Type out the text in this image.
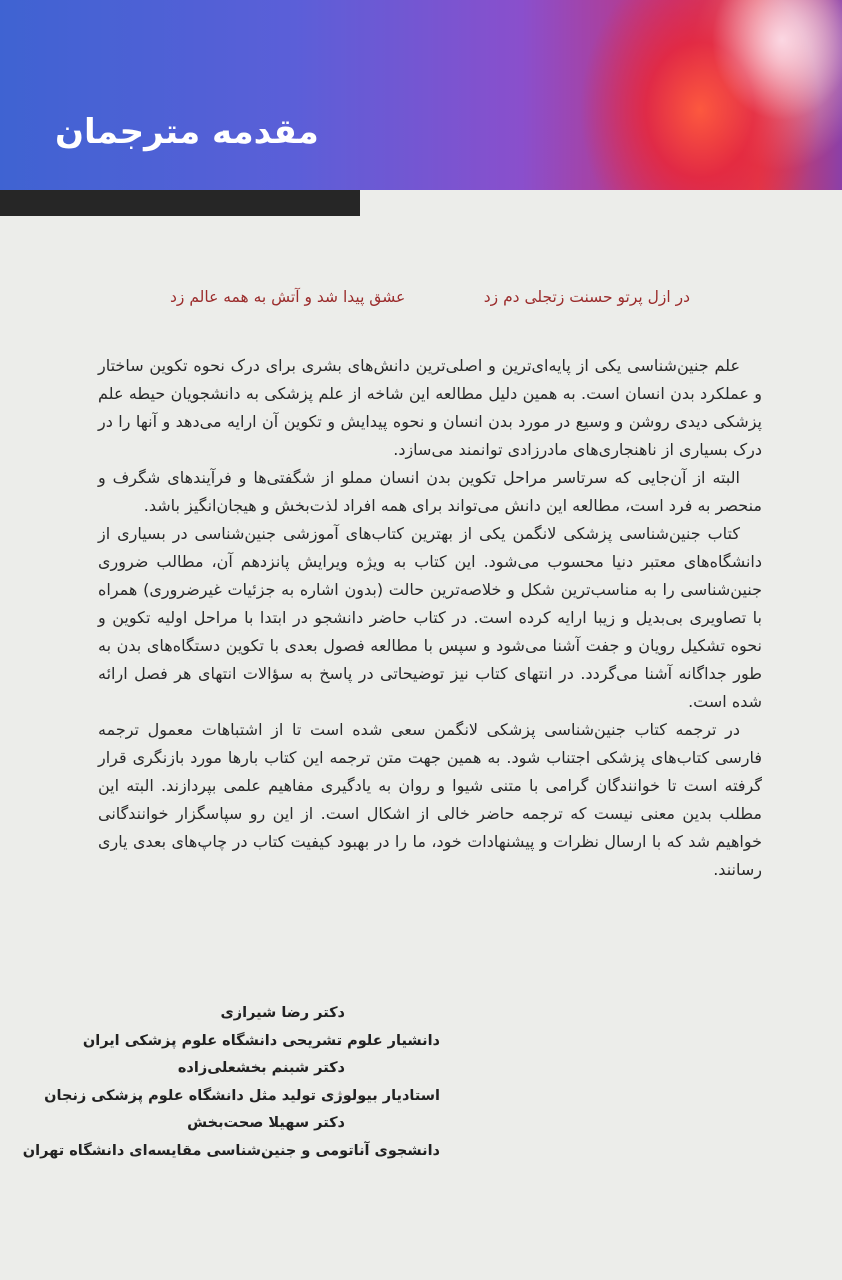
مقدمه مترجمان
در ازل پرتو حسنت زتجلی دم زد
عشق پیدا شد و آتش به همه عالم زد

علم جنین‌شناسی یکی از پایه‌ای‌ترین و اصلی‌ترین دانش‌های بشری برای درک نحوه تکوین ساختار و عملکرد بدن انسان است. به همین دلیل مطالعه این شاخه از علم پزشکی به دانشجویان حیطه علم پزشکی دیدی روشن و وسیع در مورد بدن انسان و نحوه پیدایش و تکوین آن ارایه می‌دهد و آنها را در درک بسیاری از ناهنجاری‌های مادرزادی توانمند می‌سازد.

البته از آن‌جایی که سرتاسر مراحل تکوین بدن انسان مملو از شگفتی‌ها و فرآیندهای شگرف و منحصر به فرد است، مطالعه این دانش می‌تواند برای همه افراد لذت‌بخش و هیجان‌انگیز باشد.

کتاب جنین‌شناسی پزشکی لانگمن یکی از بهترین کتاب‌های آموزشی جنین‌شناسی در بسیاری از دانشگاه‌های معتبر دنیا محسوب می‌شود. این کتاب به ویژه ویرایش پانزدهم آن، مطالب ضروری جنین‌شناسی را به مناسب‌ترین شکل و خلاصه‌ترین حالت (بدون اشاره به جزئیات غیرضروری) همراه با تصاویری بی‌بدیل و زیبا ارایه کرده است. در کتاب حاضر دانشجو در ابتدا با مراحل اولیه تکوین و نحوه تشکیل رویان و جفت آشنا می‌شود و سپس با مطالعه فصول بعدی با تکوین دستگاه‌های بدن به طور جداگانه آشنا می‌گردد. در انتهای کتاب نیز توضیحاتی در پاسخ به سؤالات انتهای هر فصل ارائه شده است.

در ترجمه کتاب جنین‌شناسی پزشکی لانگمن سعی شده است تا از اشتباهات معمول ترجمه فارسی کتاب‌های پزشکی اجتناب شود. به همین جهت متن ترجمه این کتاب بارها مورد بازنگری قرار گرفته است تا خوانندگان گرامی با متنی شیوا و روان به یادگیری مفاهیم علمی بپردازند. البته این مطلب بدین معنی نیست که ترجمه حاضر خالی از اشکال است. از این رو سپاسگزار خوانندگانی خواهیم شد که با ارسال نظرات و پیشنهادات خود، ما را در بهبود کیفیت کتاب در چاپ‌های بعدی یاری رسانند.

دکتر رضا شیرازی
دانشیار علوم تشریحی دانشگاه علوم پزشکی ایران
دکتر شبنم بخشعلی‌زاده
استادیار بیولوژی تولید مثل دانشگاه علوم پزشکی زنجان
دکتر سهیلا صحت‌بخش
دانشجوی آناتومی و جنین‌شناسی مقایسه‌ای دانشگاه تهران
